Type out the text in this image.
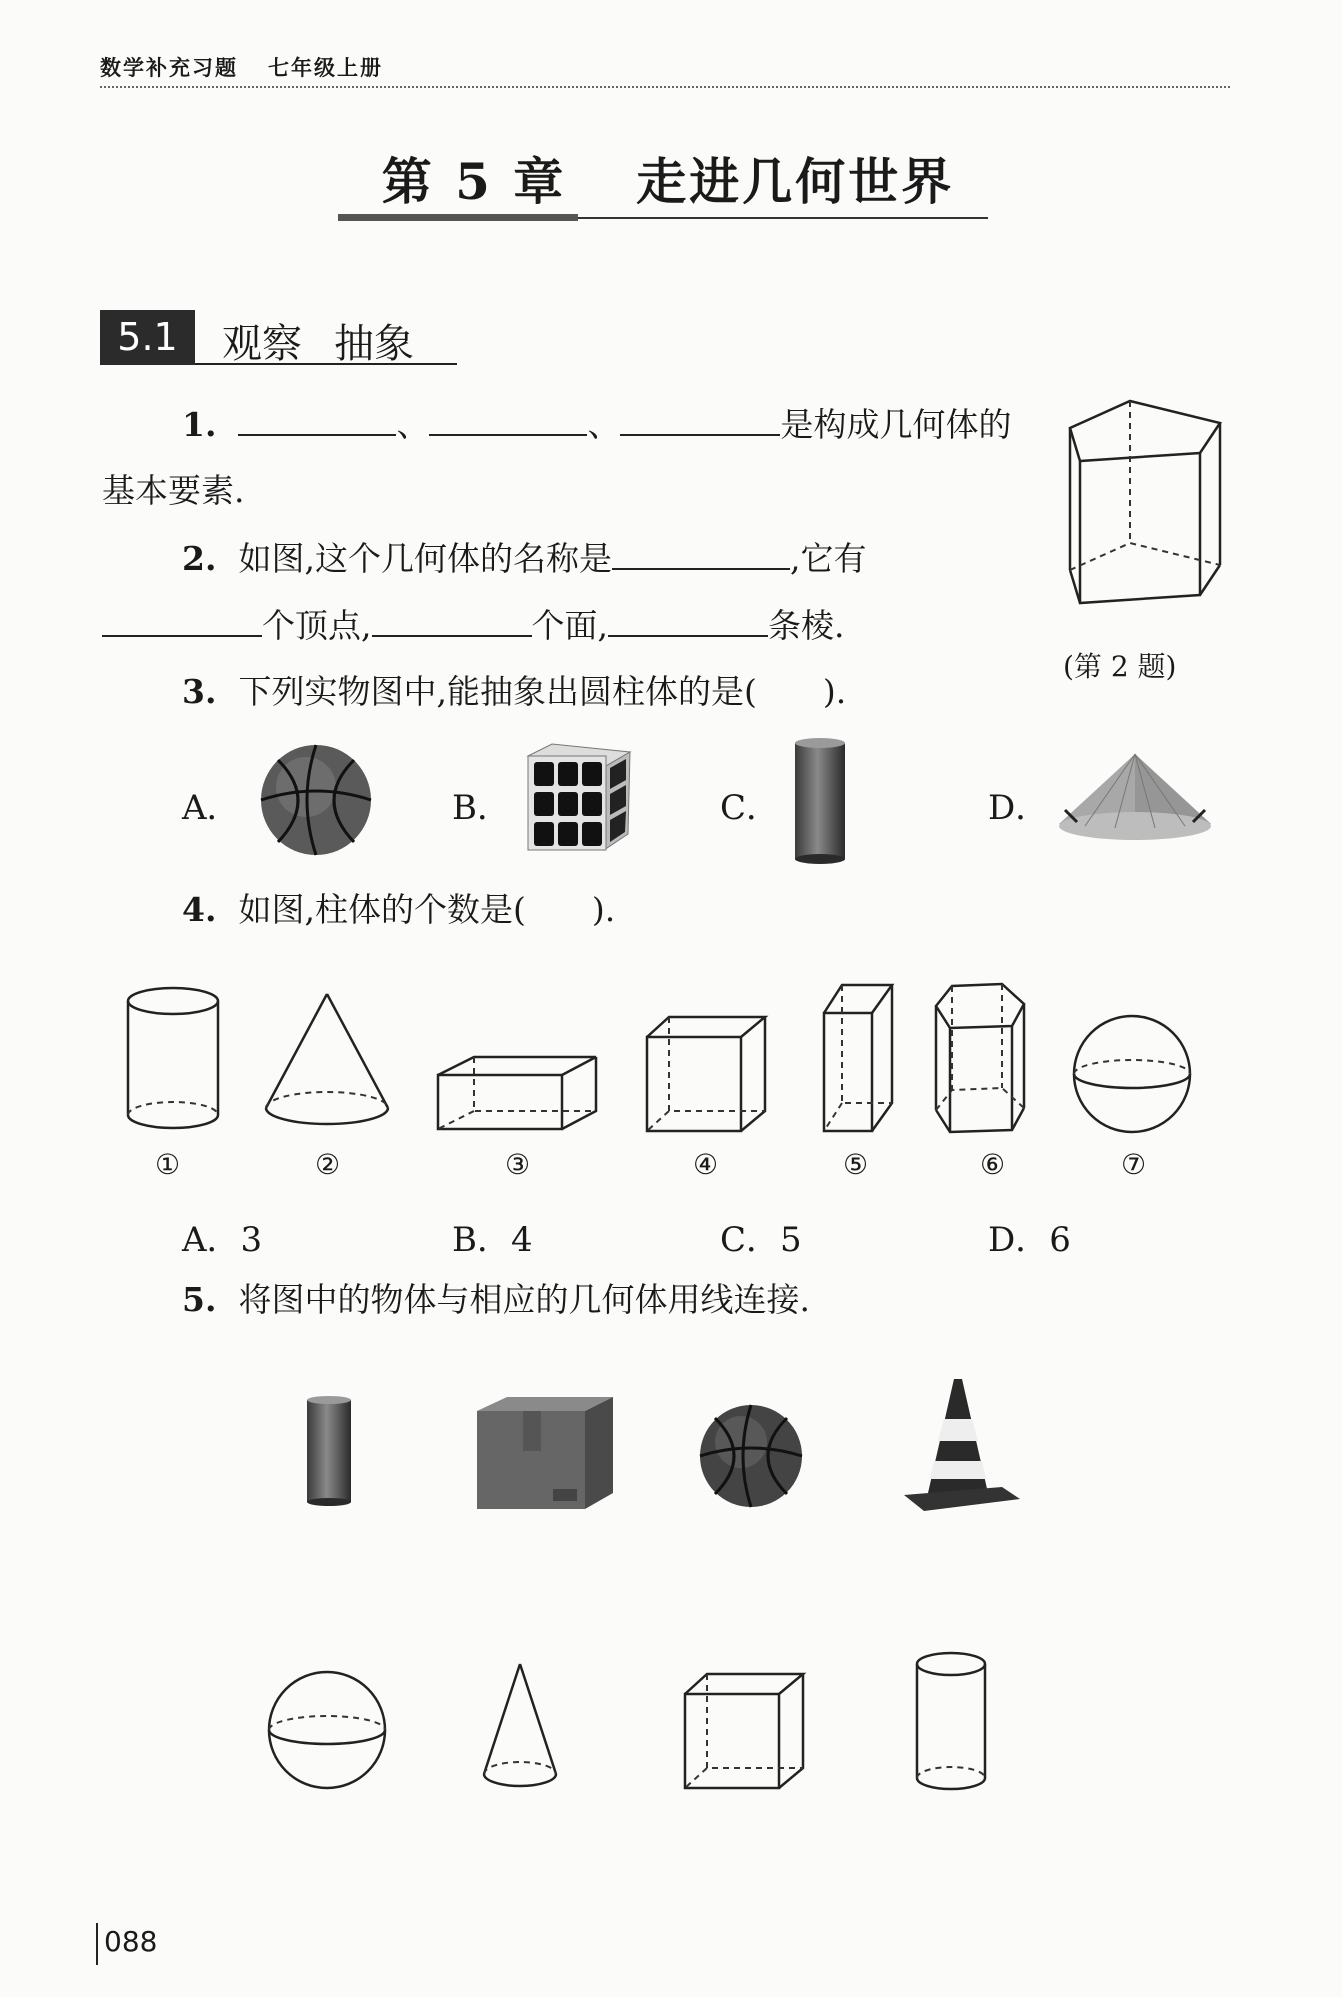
数学补充习题 七年级上册
第 5 章 走进几何世界
5.1	观察 抽象
1.	、	、	是构成几何体的
基本要素.
2. 如图,这个几何体的名称是	,它有
个顶点,	个面,	条棱.
(第 2 题)
3. 下列实物图中,能抽象出圆柱体的是(　　).
A．	B．	C．	D．
4. 如图,柱体的个数是(　　).
①	②	③	④	⑤	⑥	⑦
A．3	B．4	C．5	D．6
5. 将图中的物体与相应的几何体用线连接.
088
